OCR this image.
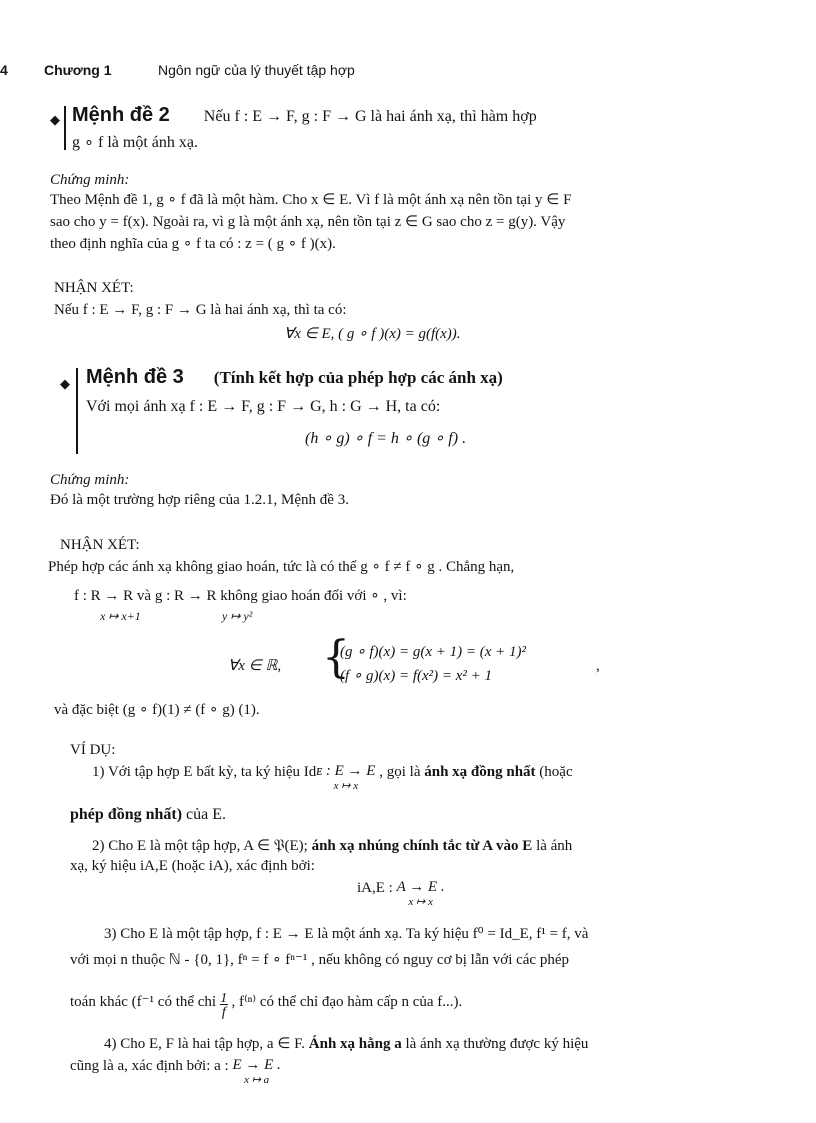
4	Chương 1	Ngôn ngữ của lý thuyết tập hợp
◆ Mệnh đề 2 Nếu f : E → F, g : F → G là hai ánh xạ, thì hàm hợp
g ∘ f là một ánh xạ.
Chứng minh:
Theo Mệnh đề 1, g ∘ f đã là một hàm. Cho x ∈ E. Vì f là một ánh xạ nên tồn tại y ∈ F
sao cho y = f(x). Ngoài ra, vì g là một ánh xạ, nên tồn tại z ∈ G sao cho z = g(y). Vậy
theo định nghĩa của g ∘ f ta có : z = ( g ∘ f )(x).
NHẬN XÉT:
Nếu f : E → F, g : F → G là hai ánh xạ, thì ta có:
∀x ∈ E, ( g ∘ f )(x) = g(f(x)).
◆ Mệnh đề 3 (Tính kết hợp của phép hợp các ánh xạ)
Với mọi ánh xạ f : E → F, g : F → G, h : G → H, ta có:
(h ∘ g) ∘ f = h ∘ (g ∘ f) .
Chứng minh:
Đó là một trường hợp riêng của 1.2.1, Mệnh đề 3.
NHẬN XÉT:
Phép hợp các ánh xạ không giao hoán, tức là có thể g ∘ f ≠ f ∘ g . Chẳng hạn,
f : R → R và g : R → R không giao hoán đối với ∘ , vì:
x ↦ x+1	y ↦ y²
∀x ∈ ℝ, {
(g ∘ f)(x) = g(x + 1) = (x + 1)²
(f ∘ g)(x) = f(x²) = x² + 1
,
và đặc biệt (g ∘ f)(1) ≠ (f ∘ g) (1).
VÍ DỤ:
1) Với tập hợp E bất kỳ, ta ký hiệu Idᴇ : E → E
x ↦ x , gọi là ánh xạ đồng nhất (hoặc
phép đồng nhất) của E.
2) Cho E là một tập hợp, A ∈ 𝔓(E); ánh xạ nhúng chính tắc từ A vào E là ánh
xạ, ký hiệu iA,E (hoặc iA), xác định bởi:
iA,E : A → E .
x ↦ x
3) Cho E là một tập hợp, f : E → E là một ánh xạ. Ta ký hiệu f⁰ = Id_E, f¹ = f, và
với mọi n thuộc ℕ - {0, 1}, fⁿ = f ∘ fⁿ⁻¹ , nếu không có nguy cơ bị lẫn với các phép
toán khác (f⁻¹ có thể chỉ $\frac{1}{f}$ , f⁽ⁿ⁾ có thể chỉ đạo hàm cấp n của f...).
4) Cho E, F là hai tập hợp, a ∈ F. Ánh xạ hằng a là ánh xạ thường được ký hiệu
cũng là a, xác định bởi: a : E → E .
x ↦ a
